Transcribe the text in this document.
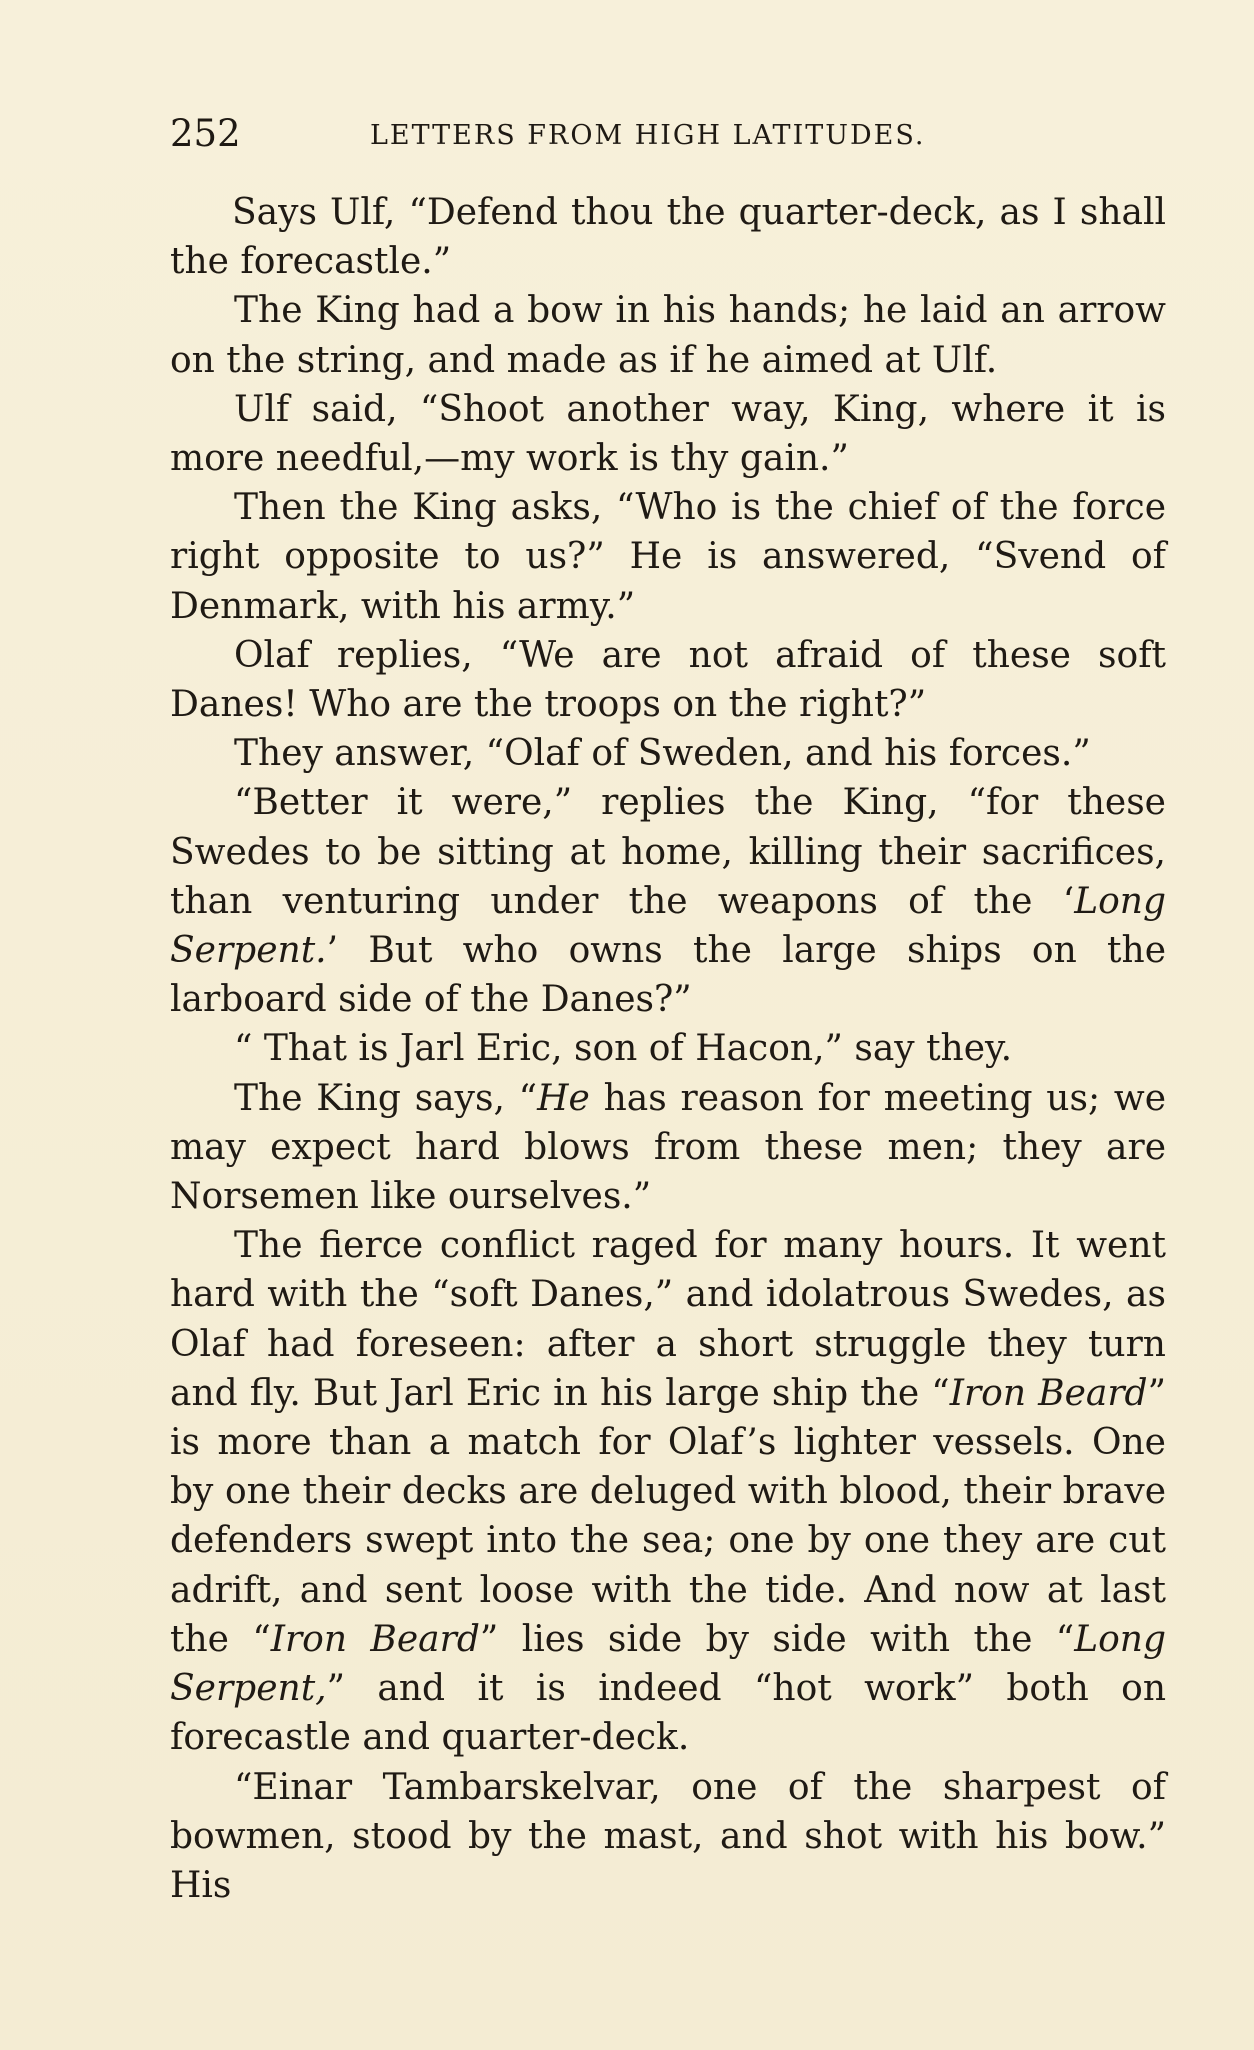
252	LETTERS FROM HIGH LATITUDES.

Says Ulf, “Defend thou the quarter-deck, as I shall the forecastle.”

The King had a bow in his hands; he laid an arrow on the string, and made as if he aimed at Ulf.

Ulf said, “Shoot another way, King, where it is more needful,—my work is thy gain.”

Then the King asks, “Who is the chief of the force right opposite to us?” He is answered, “Svend of Denmark, with his army.”

Olaf replies, “We are not afraid of these soft Danes! Who are the troops on the right?”

They answer, “Olaf of Sweden, and his forces.”

“Better it were,” replies the King, “for these Swedes to be sitting at home, killing their sacrifices, than venturing under the weapons of the ‘Long Serpent.’ But who owns the large ships on the larboard side of the Danes?”

“ That is Jarl Eric, son of Hacon,” say they.

The King says, “He has reason for meeting us; we may expect hard blows from these men; they are Norsemen like ourselves.”

The fierce conflict raged for many hours. It went hard with the “soft Danes,” and idolatrous Swedes, as Olaf had foreseen: after a short struggle they turn and fly. But Jarl Eric in his large ship the “Iron Beard” is more than a match for Olaf’s lighter vessels. One by one their decks are deluged with blood, their brave defenders swept into the sea; one by one they are cut adrift, and sent loose with the tide. And now at last the “Iron Beard” lies side by side with the “Long Serpent,” and it is indeed “hot work” both on forecastle and quarter-deck.

“Einar Tambarskelvar, one of the sharpest of bowmen, stood by the mast, and shot with his bow.” His
